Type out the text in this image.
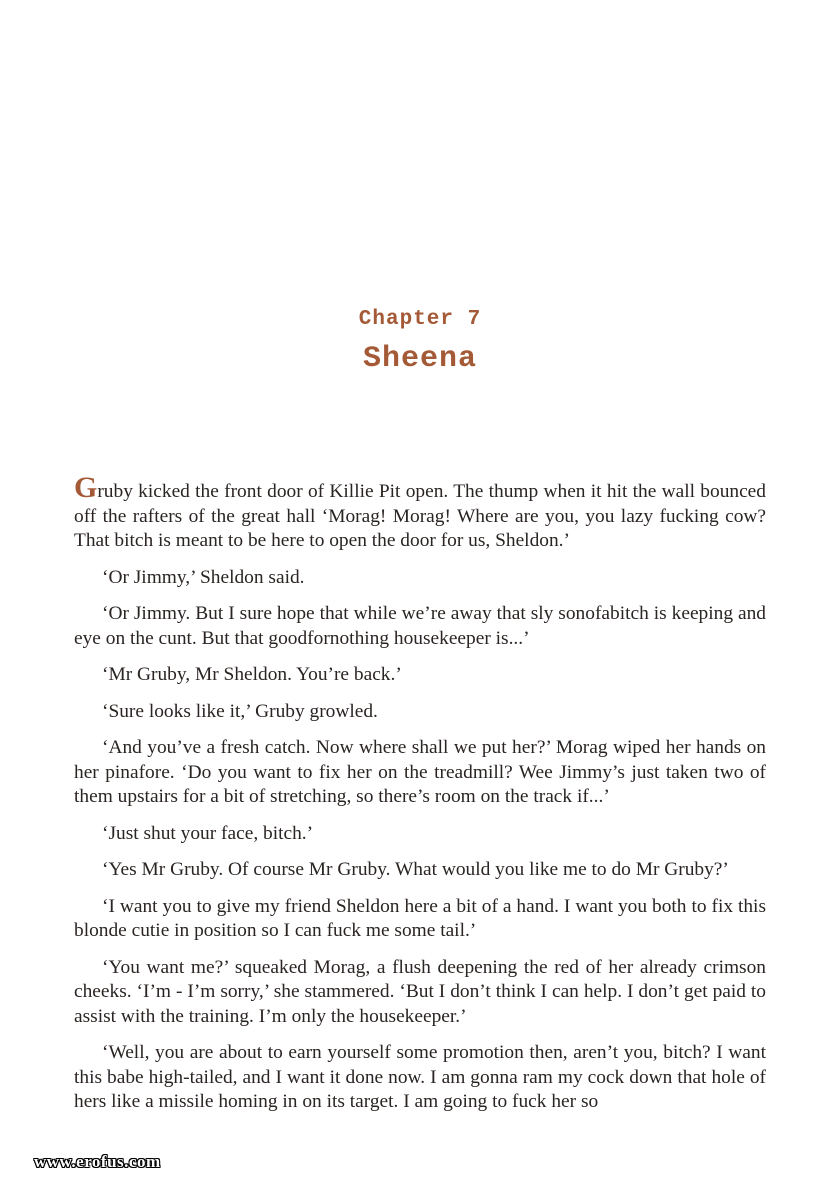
Chapter 7
Sheena

Gruby kicked the front door of Killie Pit open. The thump when it hit the wall bounced off the rafters of the great hall ‘Morag! Morag! Where are you, you lazy fucking cow? That bitch is meant to be here to open the door for us, Sheldon.’

‘Or Jimmy,’ Sheldon said.

‘Or Jimmy. But I sure hope that while we’re away that sly sonofabitch is keeping and eye on the cunt. But that goodfornothing housekeeper is...’

‘Mr Gruby, Mr Sheldon. You’re back.’

‘Sure looks like it,’ Gruby growled.

‘And you’ve a fresh catch. Now where shall we put her?’ Morag wiped her hands on her pinafore. ‘Do you want to fix her on the treadmill? Wee Jimmy’s just taken two of them upstairs for a bit of stretching, so there’s room on the track if...’

‘Just shut your face, bitch.’

‘Yes Mr Gruby. Of course Mr Gruby. What would you like me to do Mr Gruby?’

‘I want you to give my friend Sheldon here a bit of a hand. I want you both to fix this blonde cutie in position so I can fuck me some tail.’

‘You want me?’ squeaked Morag, a flush deepening the red of her already crimson cheeks. ‘I’m - I’m sorry,’ she stammered. ‘But I don’t think I can help. I don’t get paid to assist with the training. I’m only the housekeeper.’

‘Well, you are about to earn yourself some promotion then, aren’t you, bitch? I want this babe high-tailed, and I want it done now. I am gonna ram my cock down that hole of hers like a missile homing in on its target. I am going to fuck her so

www.erofus.com
